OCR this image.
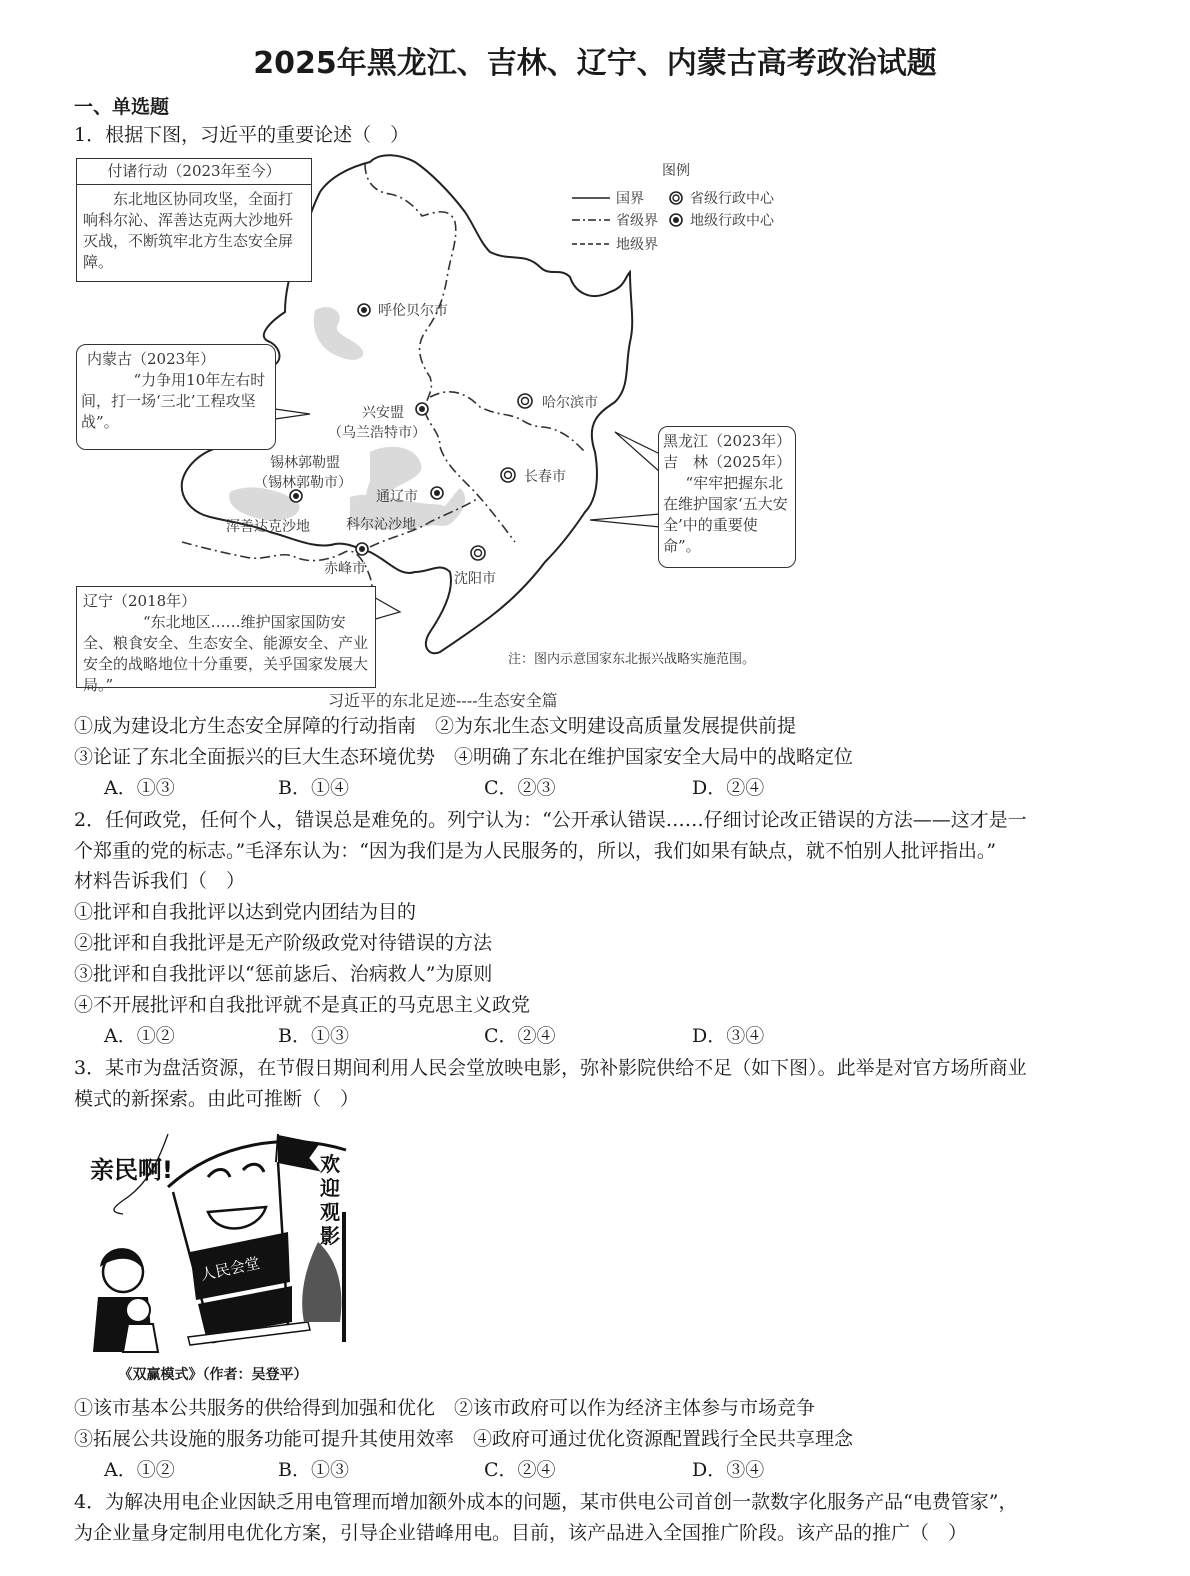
2025年黑龙江、吉林、辽宁、内蒙古高考政治试题
一、单选题
1．根据下图，习近平的重要论述（　）
图例
国界
省级界
地级界
省级行政中心
地级行政中心
付诸行动（2023年至今）
东北地区协同攻坚，全面打响科尔沁、浑善达克两大沙地歼灭战，不断筑牢北方生态安全屏障。
内蒙古（2023年）
“力争用10年左右时间，打一场‘三北’工程攻坚战”。
黑龙江（2023年）
吉　林（2025年）
“牢牢把握东北在维护国家‘五大安全’中的重要使命”。
辽宁（2018年）
“东北地区……维护国家国防安全、粮食安全、生态安全、能源安全、产业安全的战略地位十分重要，关乎国家发展大局。”
呼伦贝尔市
兴安盟
（乌兰浩特市）
哈尔滨市
长春市
锡林郭勒盟
（锡林郭勒市）
通辽市
浑善达克沙地	科尔沁沙地
赤峰市
沈阳市
注：图内示意国家东北振兴战略实施范围。
习近平的东北足迹----生态安全篇
①成为建设北方生态安全屏障的行动指南　②为东北生态文明建设高质量发展提供前提
③论证了东北全面振兴的巨大生态环境优势　④明确了东北在维护国家安全大局中的战略定位
A．①③	B．①④	C．②③	D．②④
2．任何政党，任何个人，错误总是难免的。列宁认为：“公开承认错误……仔细讨论改正错误的方法——这才是一
个郑重的党的标志。”毛泽东认为：“因为我们是为人民服务的，所以，我们如果有缺点，就不怕别人批评指出。”
材料告诉我们（　）
①批评和自我批评以达到党内团结为目的
②批评和自我批评是无产阶级政党对待错误的方法
③批评和自我批评以“惩前毖后、治病救人”为原则
④不开展批评和自我批评就不是真正的马克思主义政党
A．①②	B．①③	C．②④	D．③④
3．某市为盘活资源，在节假日期间利用人民会堂放映电影，弥补影院供给不足（如下图）。此举是对官方场所商业
模式的新探索。由此可推断（　）
亲民啊!	欢迎观影
人民会堂
《双赢模式》（作者：吴登平）
①该市基本公共服务的供给得到加强和优化　②该市政府可以作为经济主体参与市场竞争
③拓展公共设施的服务功能可提升其使用效率　④政府可通过优化资源配置践行全民共享理念
A．①②	B．①③	C．②④	D．③④
4．为解决用电企业因缺乏用电管理而增加额外成本的问题，某市供电公司首创一款数字化服务产品“电费管家”，
为企业量身定制用电优化方案，引导企业错峰用电。目前，该产品进入全国推广阶段。该产品的推广（　）
